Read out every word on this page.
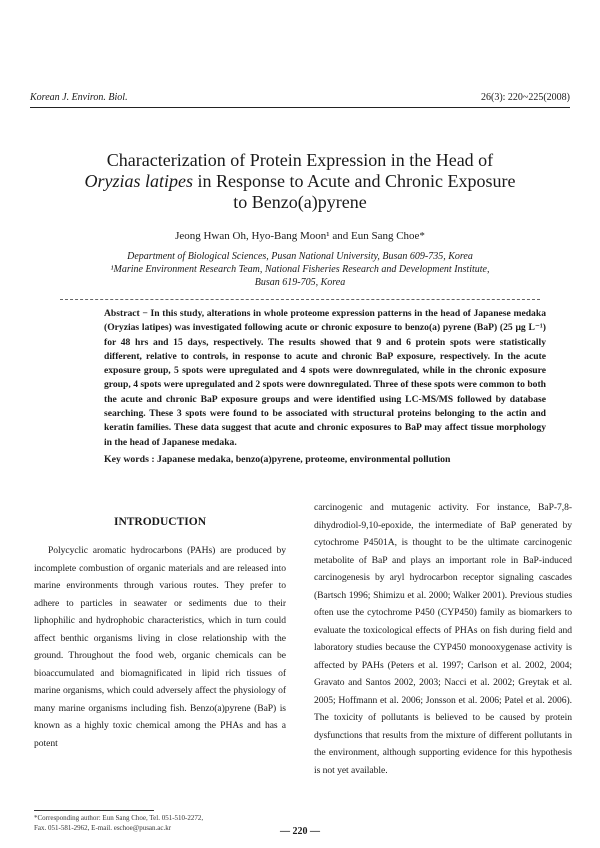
Korean J. Environ. Biol.	26(3): 220~225(2008)
Characterization of Protein Expression in the Head of
Oryzias latipes in Response to Acute and Chronic Exposure
to Benzo(a)pyrene
Jeong Hwan Oh, Hyo-Bang Moon¹ and Eun Sang Choe*
Department of Biological Sciences, Pusan National University, Busan 609-735, Korea
¹Marine Environment Research Team, National Fisheries Research and Development Institute,
Busan 619-705, Korea
Abstract − In this study, alterations in whole proteome expression patterns in the head of Japanese medaka (Oryzias latipes) was investigated following acute or chronic exposure to benzo(a) pyrene (BaP) (25 μg L⁻¹) for 48 hrs and 15 days, respectively. The results showed that 9 and 6 protein spots were statistically different, relative to controls, in response to acute and chronic BaP exposure, respectively. In the acute exposure group, 5 spots were upregulated and 4 spots were downregulated, while in the chronic exposure group, 4 spots were upregulated and 2 spots were downregulated. Three of these spots were common to both the acute and chronic BaP exposure groups and were identified using LC-MS/MS followed by database searching. These 3 spots were found to be associated with structural proteins belonging to the actin and keratin families. These data suggest that acute and chronic exposures to BaP may affect tissue morphology in the head of Japanese medaka.
Key words : Japanese medaka, benzo(a)pyrene, proteome, environmental pollution
INTRODUCTION

Polycyclic aromatic hydrocarbons (PAHs) are produced by incomplete combustion of organic materials and are released into marine environments through various routes. They prefer to adhere to particles in seawater or sediments due to their liphophilic and hydrophobic characteristics, which in turn could affect benthic organisms living in close relationship with the ground. Throughout the food web, organic chemicals can be bioaccumulated and biomagnificated in lipid rich tissues of marine organisms, which could adversely affect the physiology of many marine organisms including fish. Benzo(a)pyrene (BaP) is known as a highly toxic chemical among the PHAs and has a potent

carcinogenic and mutagenic activity. For instance, BaP-7,8-dihydrodiol-9,10-epoxide, the intermediate of BaP generated by cytochrome P4501A, is thought to be the ultimate carcinogenic metabolite of BaP and plays an important role in BaP-induced carcinogenesis by aryl hydrocarbon receptor signaling cascades (Bartsch 1996; Shimizu et al. 2000; Walker 2001). Previous studies often use the cytochrome P450 (CYP450) family as biomarkers to evaluate the toxicological effects of PHAs on fish during field and laboratory studies because the CYP450 monooxygenase activity is affected by PAHs (Peters et al. 1997; Carlson et al. 2002, 2004; Gravato and Santos 2002, 2003; Nacci et al. 2002; Greytak et al. 2005; Hoffmann et al. 2006; Jonsson et al. 2006; Patel et al. 2006). The toxicity of pollutants is believed to be caused by protein dysfunctions that results from the mixture of different pollutants in the environment, although supporting evidence for this hypothesis is not yet available.

*Corresponding author: Eun Sang Choe, Tel. 051-510-2272,
Fax. 051-581-2962, E-mail. eschoe@pusan.ac.kr	— 220 —
